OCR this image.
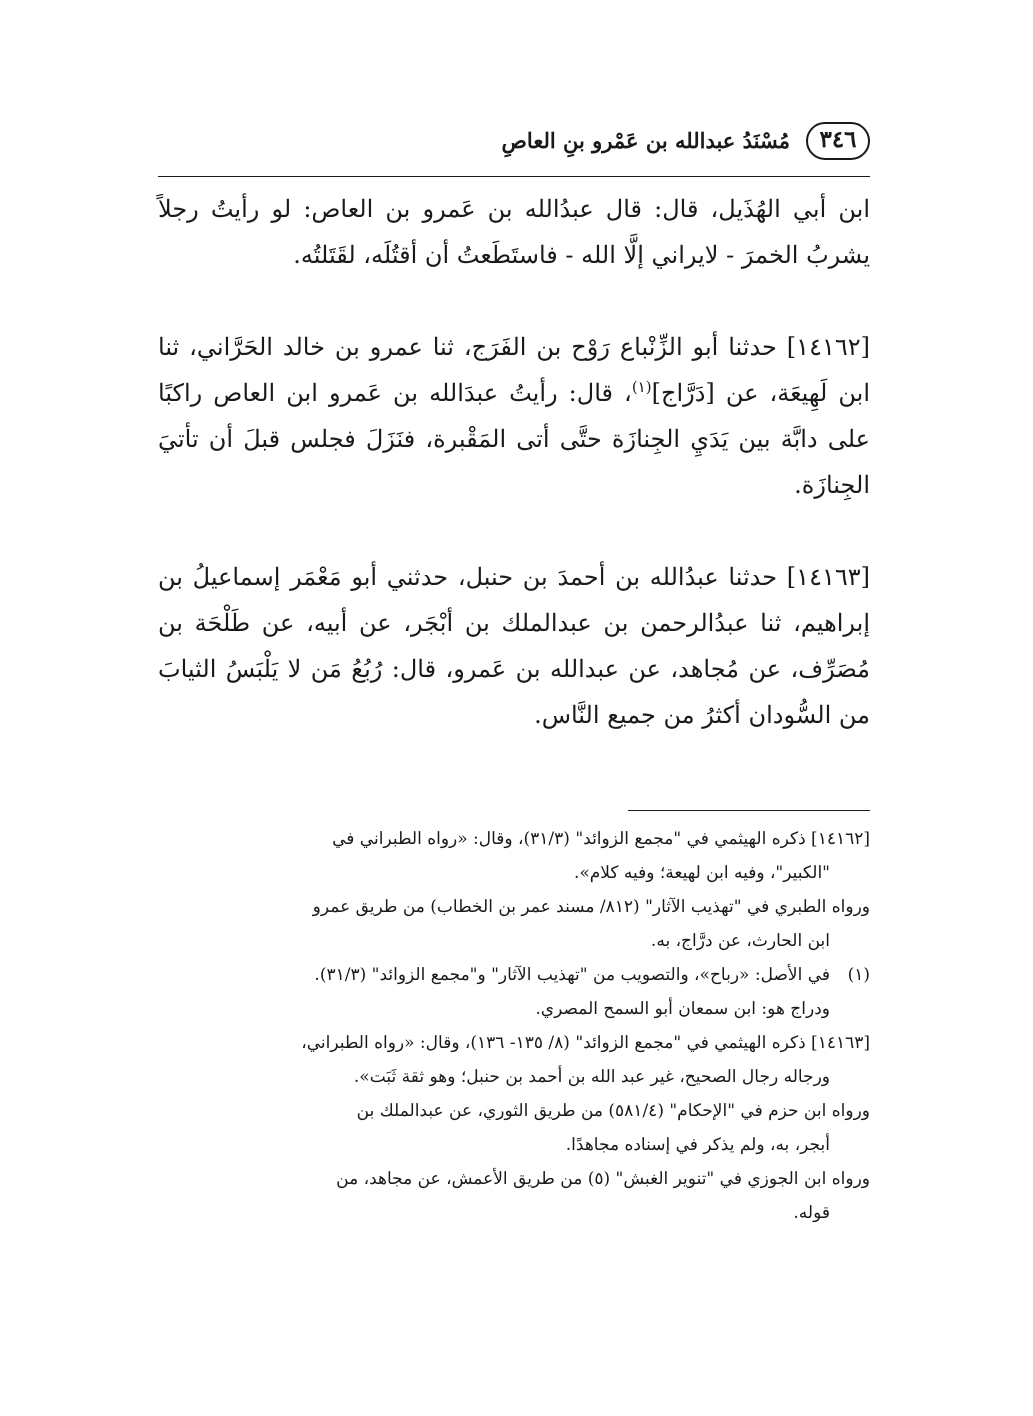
٣٤٦
مُسْنَدُ عبدالله بن عَمْرو بنِ العاصِ

ابن أبي الهُذَيل، قال: قال عبدُالله بن عَمرو بن العاص: لو رأيتُ رجلاً يشربُ الخمرَ - لايراني إلَّا الله - فاستَطَعتُ أن أقتُلَه، لقَتَلتُه.

[١٤١٦٢] حدثنا أبو الزِّنْباع رَوْح بن الفَرَج، ثنا عمرو بن خالد الحَرَّاني، ثنا ابن لَهِيعَة، عن [دَرَّاج]$^{(١)}$، قال: رأيتُ عبدَالله بن عَمرو ابن العاص راكبًا على دابَّة بين يَدَيِ الجِنازَة حتَّى أتى المَقْبرة، فنَزَلَ فجلس قبلَ أن تأتيَ الجِنازَة.

[١٤١٦٣] حدثنا عبدُالله بن أحمدَ بن حنبل، حدثني أبو مَعْمَر إسماعيلُ بن إبراهيم، ثنا عبدُالرحمن بن عبدالملك بن أبْجَر، عن أبيه، عن طَلْحَة بن مُصَرِّف، عن مُجاهد، عن عبدالله بن عَمرو، قال: رُبُعُ مَن لا يَلْبَسُ الثيابَ من السُّودان أكثرُ من جميع النَّاس.

[١٤١٦٢] ذكره الهيثمي في "مجمع الزوائد" (٣١/٣)، وقال: «رواه الطبراني في
"الكبير"، وفيه ابن لهيعة؛ وفيه كلام».
ورواه الطبري في "تهذيب الآثار" (٨١٢/ مسند عمر بن الخطاب) من طريق عمرو
ابن الحارث، عن درَّاج، به.
(١)في الأصل: «رباح»، والتصويب من "تهذيب الآثار" و"مجمع الزوائد" (٣١/٣).
ودراج هو: ابن سمعان أبو السمح المصري.
[١٤١٦٣] ذكره الهيثمي في "مجمع الزوائد" (٨/ ١٣٥- ١٣٦)، وقال: «رواه الطبراني،
ورجاله رجال الصحيح، غير عبد الله بن أحمد بن حنبل؛ وهو ثقة ثَبَت».
ورواه ابن حزم في "الإحكام" (٥٨١/٤) من طريق الثوري، عن عبدالملك بن
أبجر، به، ولم يذكر في إسناده مجاهدًا.
ورواه ابن الجوزي في "تنوير الغبش" (٥) من طريق الأعمش، عن مجاهد، من
قوله.
